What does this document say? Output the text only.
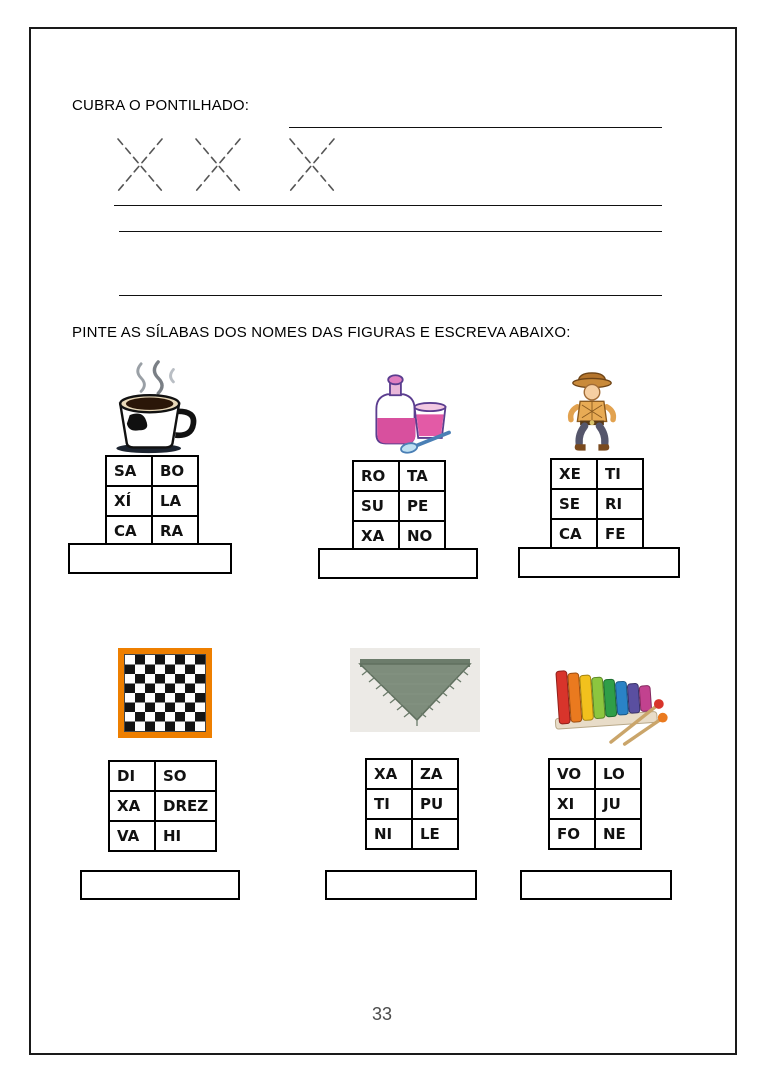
CUBRA O PONTILHADO:
PINTE AS SÍLABAS DOS NOMES DAS FIGURAS E ESCREVA ABAIXO:
SA	BO
XÍ	LA
CA	RA
RO	TA
SU	PE
XA	NO
XE	TI
SE	RI
CA	FE
DI	SO
XA	DREZ
VA	HI
XA	ZA
TI	PU
NI	LE
VO	LO
XI	JU
FO	NE
33
